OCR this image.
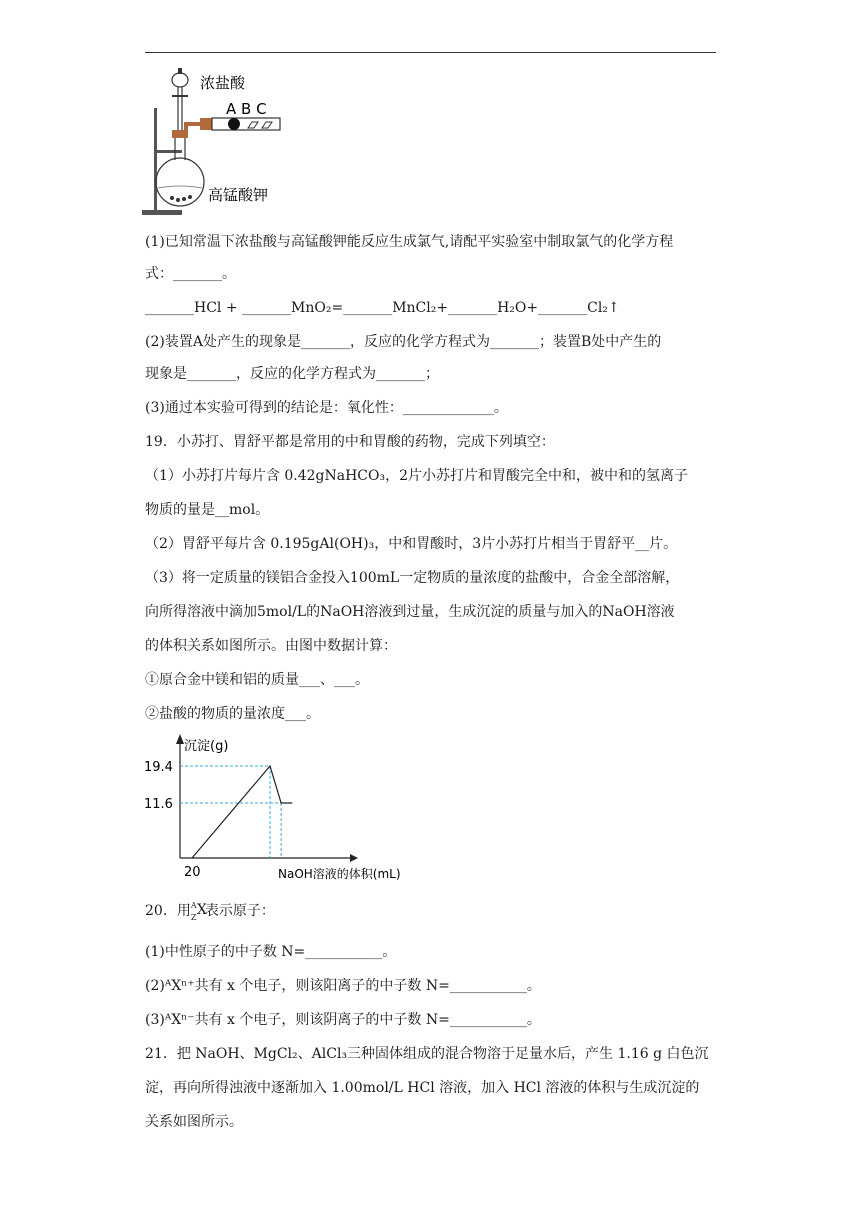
浓盐酸
A B C
高锰酸钾
(1)已知常温下浓盐酸与高锰酸钾能反应生成氯气,请配平实验室中制取氯气的化学方程
式：_______。
_______HCl + _______MnO₂=_______MnCl₂+_______H₂O+_______Cl₂↑
(2)装置A处产生的现象是_______，反应的化学方程式为_______；装置B处中产生的
现象是_______，反应的化学方程式为_______；
(3)通过本实验可得到的结论是：氧化性：_____________。
19．小苏打、胃舒平都是常用的中和胃酸的药物，完成下列填空：
（1）小苏打片每片含 0.42gNaHCO₃，2片小苏打片和胃酸完全中和，被中和的氢离子
物质的量是__mol。
（2）胃舒平每片含 0.195gAl(OH)₃，中和胃酸时，3片小苏打片相当于胃舒平__片。
（3）将一定质量的镁铝合金投入100mL一定物质的量浓度的盐酸中，合金全部溶解，
向所得溶液中滴加5mol/L的NaOH溶液到过量，生成沉淀的质量与加入的NaOH溶液
的体积关系如图所示。由图中数据计算：
①原合金中镁和铝的质量___、___。
②盐酸的物质的量浓度___。
沉淀(g)
19.4
11.6
20	NaOH溶液的体积(mL)
20．用 A
Z X
表示原子：
(1)中性原子的中子数 N=___________。
(2)ᴬXⁿ⁺共有 x 个电子，则该阳离子的中子数 N=___________。
(3)ᴬXⁿ⁻共有 x 个电子，则该阴离子的中子数 N=___________。
21．把 NaOH、MgCl₂、AlCl₃三种固体组成的混合物溶于足量水后，产生 1.16 g 白色沉
淀，再向所得浊液中逐渐加入 1.00mol/L HCl 溶液，加入 HCl 溶液的体积与生成沉淀的
关系如图所示。
